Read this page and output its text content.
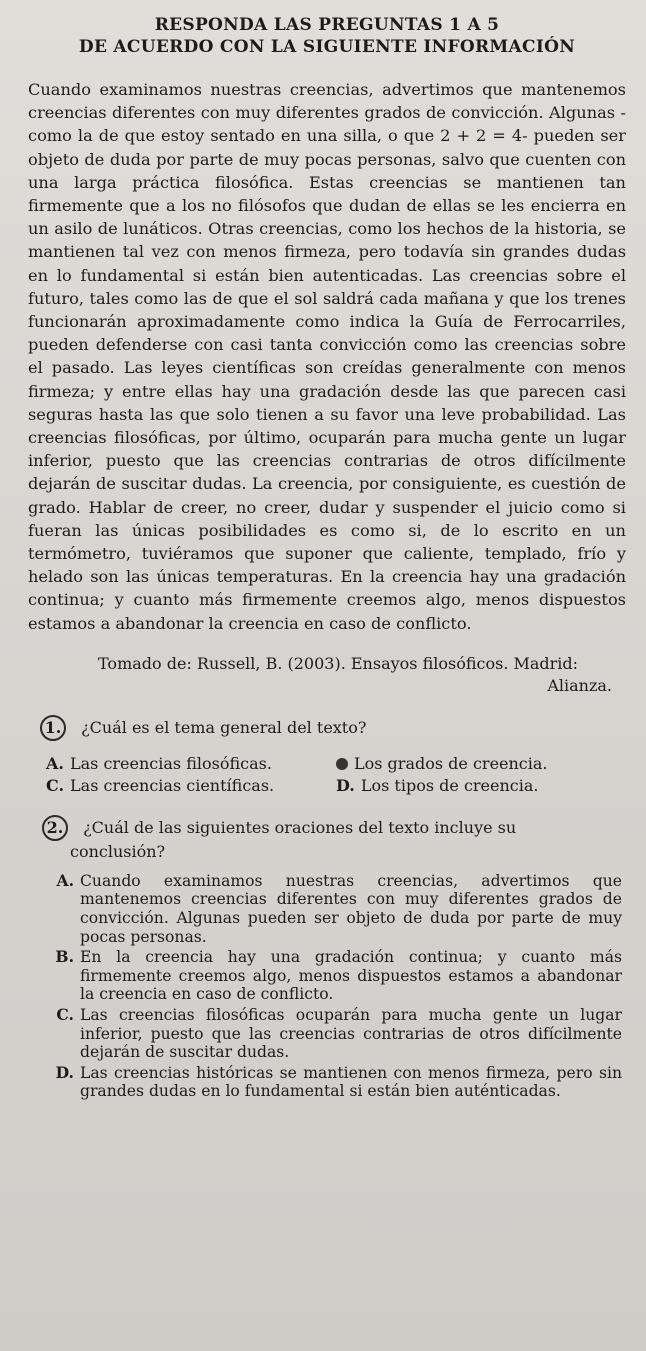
RESPONDA LAS PREGUNTAS 1 A 5
DE ACUERDO CON LA SIGUIENTE INFORMACIÓN
Cuando examinamos nuestras creencias, advertimos que mantenemos creencias diferentes con muy diferentes grados de convicción. Algunas -como la de que estoy sentado en una silla, o que 2 + 2 = 4- pueden ser objeto de duda por parte de muy pocas personas, salvo que cuenten con una larga práctica filosófica. Estas creencias se mantienen tan firmemente que a los no filósofos que dudan de ellas se les encierra en un asilo de lunáticos. Otras creencias, como los hechos de la historia, se mantienen tal vez con menos firmeza, pero todavía sin grandes dudas en lo fundamental si están bien autenticadas. Las creencias sobre el futuro, tales como las de que el sol saldrá cada mañana y que los trenes funcionarán aproximadamente como indica la Guía de Ferrocarriles, pueden defenderse con casi tanta convicción como las creencias sobre el pasado. Las leyes científicas son creídas generalmente con menos firmeza; y entre ellas hay una gradación desde las que parecen casi seguras hasta las que solo tienen a su favor una leve probabilidad. Las creencias filosóficas, por último, ocuparán para mucha gente un lugar inferior, puesto que las creencias contrarias de otros difícilmente dejarán de suscitar dudas. La creencia, por consiguiente, es cuestión de grado. Hablar de creer, no creer, dudar y suspender el juicio como si fueran las únicas posibilidades es como si, de lo escrito en un termómetro, tuviéramos que suponer que caliente, templado, frío y helado son las únicas temperaturas. En la creencia hay una gradación continua; y cuanto más firmemente creemos algo, menos dispuestos estamos a abandonar la creencia en caso de conflicto.
Tomado de: Russell, B. (2003). Ensayos filosóficos. Madrid:
Alianza.
1. ¿Cuál es el tema general del texto?
A. Las creencias filosóficas.	Los grados de creencia.
C. Las creencias científicas.	D. Los tipos de creencia.
2. ¿Cuál de las siguientes oraciones del texto incluye su
conclusión?
A. Cuando examinamos nuestras creencias, advertimos que mantenemos creencias diferentes con muy diferentes grados de convicción. Algunas pueden ser objeto de duda por parte de muy pocas personas.
B. En la creencia hay una gradación continua; y cuanto más firmemente creemos algo, menos dispuestos estamos a abandonar la creencia en caso de conflicto.
C. Las creencias filosóficas ocuparán para mucha gente un lugar inferior, puesto que las creencias contrarias de otros difícilmente dejarán de suscitar dudas.
D. Las creencias históricas se mantienen con menos firmeza, pero sin grandes dudas en lo fundamental si están bien auténticadas.
